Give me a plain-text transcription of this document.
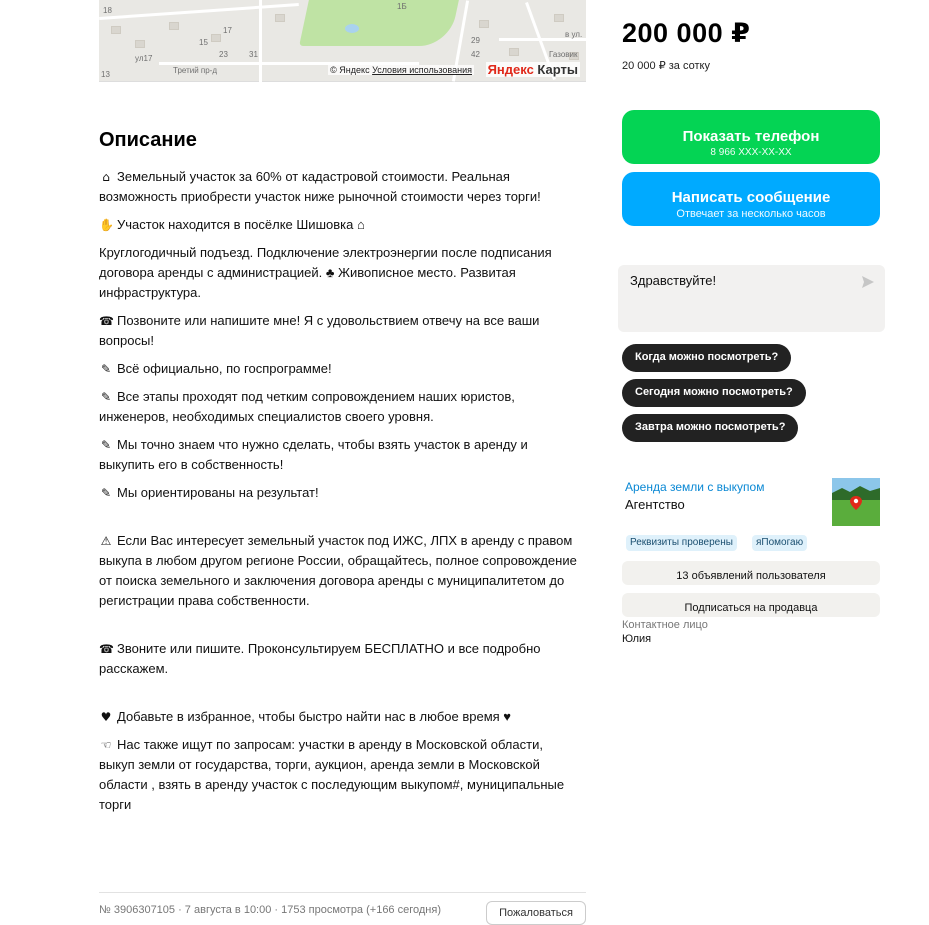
18	1Б
15
17
23	31
29
42
ул17
13	Третий пр-д
Газовик
в ул.
© Яндекс Условия использования Яндекс Карты
Описание

⌂ Земельный участок за 60% от кадастровой стоимости. Реальная возможность приобрести участок ниже рыночной стоимости через торги!

✋ Участок находится в посёлке Шишовка ⌂

Круглогодичный подъезд. Подключение электроэнергии после подписания договора аренды с администрацией. ♣ Живописное место. Развитая инфраструктура.

☎ Позвоните или напишите мне! Я с удовольствием отвечу на все ваши вопросы!

✎ Всё официально, по госпрограмме!

✎ Все этапы проходят под четким сопровождением наших юристов, инженеров, необходимых специалистов своего уровня.

✎ Мы точно знаем что нужно сделать, чтобы взять участок в аренду и выкупить его в собственность!

✎ Мы ориентированы на результат!

⚠ Если Вас интересует земельный участок под ИЖС, ЛПХ в аренду с правом выкупа в любом другом регионе России, обращайтесь, полное сопровождение от поиска земельного и заключения договора аренды с муниципалитетом до регистрации права собственности.

☎ Звоните или пишите. Проконсультируем БЕСПЛАТНО и все подробно расскажем.

♥ Добавьте в избранное, чтобы быстро найти нас в любое время ♥

☜ Нас также ищут по запросам: участки в аренду в Московской области, выкуп земли от государства, торги, аукцион, аренда земли в Московской области , взять в аренду участок с последующим выкупом#, муниципальные торги

№ 3906307105 · 7 августа в 10:00 · 1753 просмотра (+166 сегодня)	Пожаловаться
200 000 ₽
20 000 ₽ за сотку
Показать телефон
8 966 XXX-XX-XX
Написать сообщение
Отвечает за несколько часов
Здравствуйте!
Когда можно посмотреть?
Сегодня можно посмотреть?
Завтра можно посмотреть?
Аренда земли с выкупом
Агентство
Реквизиты проверены	яПомогаю
13 объявлений пользователя
Подписаться на продавца
Контактное лицо
Юлия
